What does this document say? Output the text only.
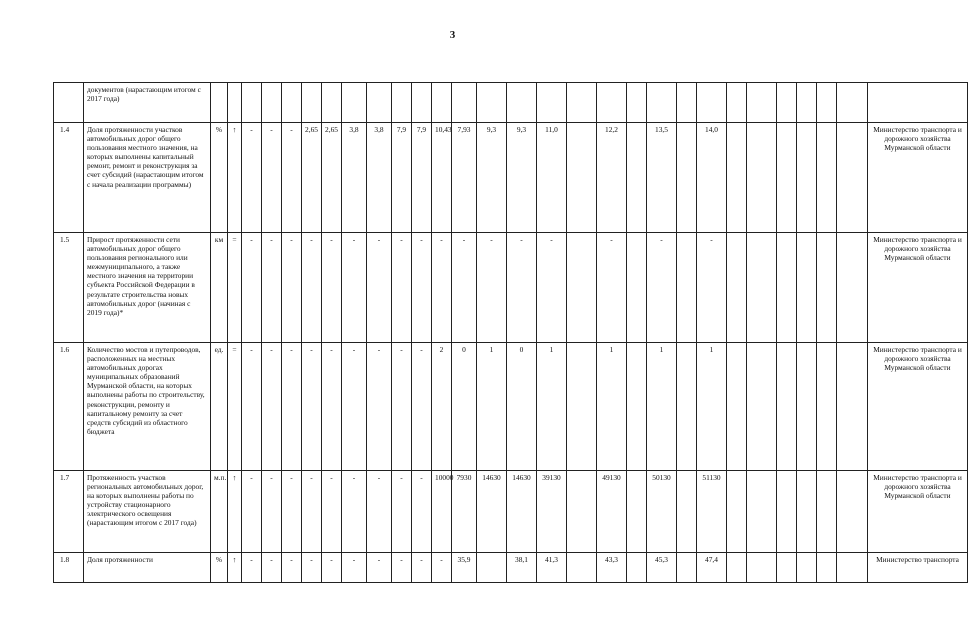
3
	документов (нарастающим итогом с 2017 года)																													
1.4	Доля протяженности участков автомобильных дорог общего пользования местного значения, на которых выполнены капитальный ремонт, ремонт и реконструкция за счет субсидий (нарастающим итогом с начала реализации программы)	%	↑	-	-	-	2,65	2,65	3,8	3,8	7,9	7,9	10,43	7,93	9,3	9,3	11,0		12,2		13,5		14,0							Министерство транспорта и дорожного хозяйства Мурманской области
1.5	Прирост протяженности сети автомобильных дорог общего пользования регионального или межмуниципального, а также местного значения на территории субъекта Российской Федерации в результате строительства новых автомобильных дорог (начиная с 2019 года)*	км	=	-	-	-	-	-	-	-	-	-	-	-	-	-	-		-		-		-							Министерство транспорта и дорожного хозяйства Мурманской области
1.6	Количество мостов и путепроводов, расположенных на местных автомобильных дорогах муниципальных образований Мурманской области, на которых выполнены работы по строительству, реконструкции, ремонту и капитальному ремонту за счет средств субсидий из областного бюджета	ед.	=	-	-	-	-	-	-	-	-	-	2	0	1	0	1		1		1		1							Министерство транспорта и дорожного хозяйства Мурманской области
1.7	Протяженность участков региональных автомобильных дорог, на которых выполнены работы по устройству стационарного электрического освещения (нарастающим итогом с 2017 года)	м.п.	↑	-	-	-	-	-	-	-	-	-	10000	7930	14630	14630	39130		49130		50130		51130							Министерство транспорта и дорожного хозяйства Мурманской области
1.8	Доля протяженности	%	↑	-	-	-	-	-	-	-	-	-	-	35,9		38,1	41,3		43,3		45,3		47,4							Министерство транспорта
